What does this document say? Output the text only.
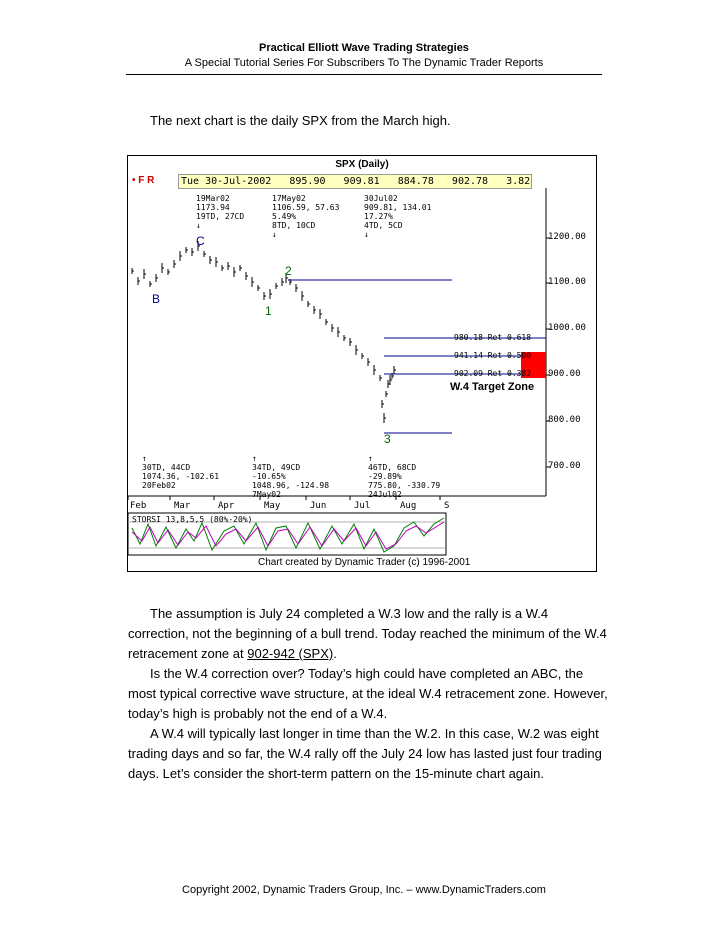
Practical Elliott Wave Trading Strategies
A Special Tutorial Series For Subscribers To The Dynamic Trader Reports
The next chart is the daily SPX from the March high.
SPX (Daily)
• F R	Tue 30-Jul-2002   895.90   909.81   884.78   902.78   3.82
19Mar02
1173.94
19TD, 27CD
↓
17May02
1106.59, 57.63
5.49%
8TD, 10CD
↓
30Jul02
909.81, 134.01
17.27%
4TD, 5CD
↓
↑
30TD, 44CD
1074.36, -102.61
20Feb02
↑
34TD, 49CD
-10.65%
1048.96, -124.98
7May02
↑
46TD, 68CD
-29.89%
775.80, -330.79
24Jul02
B
C
1
2
3
980.18 Ret 0.618
941.14 Ret 0.500
902.09 Ret 0.382
W.4 Target Zone
1200.00
1100.00
1000.00
900.00
800.00
700.00
Feb	Mar	Apr	May	Jun	Jul	Aug	S
STORSI 13,8,5,5 (80%-20%)
Chart created by Dynamic Trader (c) 1996-2001

The assumption is July 24 completed a W.3 low and the rally is a W.4 correction, not the beginning of a bull trend. Today reached the minimum of the W.4 retracement zone at 902-942 (SPX).

Is the W.4 correction over? Today’s high could have completed an ABC, the most typical corrective wave structure, at the ideal W.4 retracement zone. However, today’s high is probably not the end of a W.4.

A W.4 will typically last longer in time than the W.2. In this case, W.2 was eight trading days and so far, the W.4 rally off the July 24 low has lasted just four trading days. Let’s consider the short-term pattern on the 15-minute chart again.

Copyright 2002, Dynamic Traders Group, Inc. – www.DynamicTraders.com
